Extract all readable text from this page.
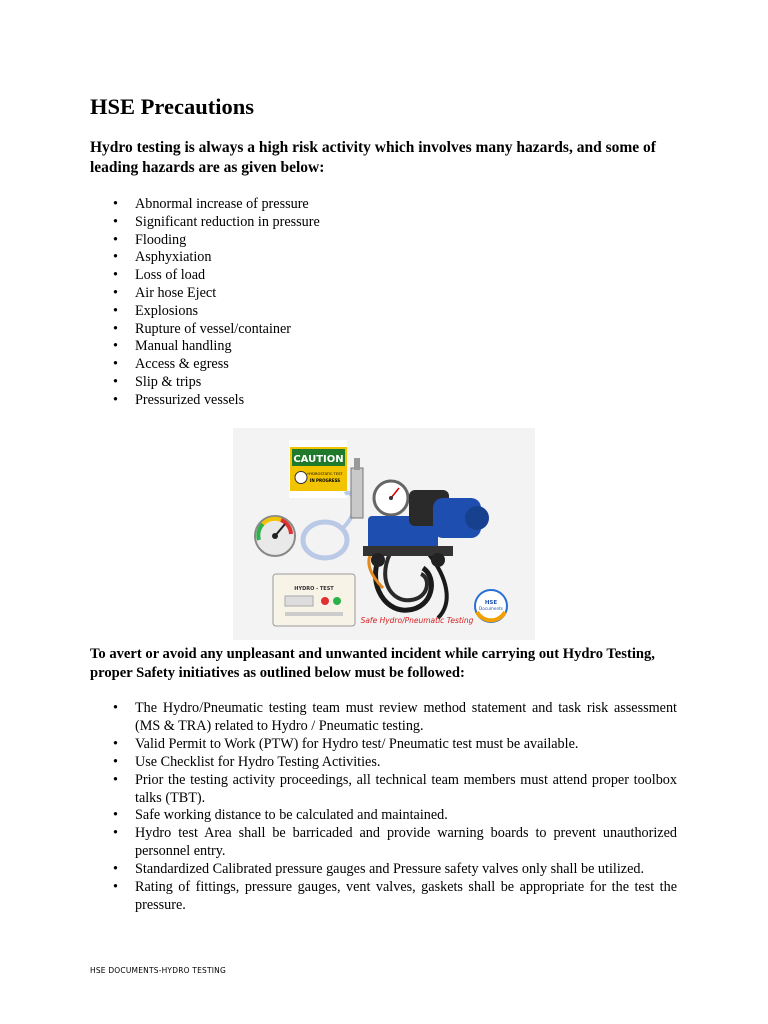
HSE Precautions

Hydro testing is always a high risk activity which involves many hazards, and some of leading hazards are as given below:

• Abnormal increase of pressure
• Significant reduction in pressure
• Flooding
• Asphyxiation
• Loss of load
• Air hose Eject
• Explosions
• Rupture of vessel/container
• Manual handling
• Access & egress
• Slip & trips
• Pressurized vessels
CAUTION
HYDROSTATIC TEST
IN PROGRESS
HYDRO - TEST
HSE
Documents
Safe Hydro/Pneumatic Testing

To avert or avoid any unpleasant and unwanted incident while carrying out Hydro Testing, proper Safety initiatives as outlined below must be followed:

• The Hydro/Pneumatic testing team must review method statement and task risk assessment (MS & TRA) related to Hydro / Pneumatic testing.
• Valid Permit to Work (PTW) for Hydro test/ Pneumatic test must be available.
• Use Checklist for Hydro Testing Activities.
• Prior the testing activity proceedings, all technical team members must attend proper toolbox talks (TBT).
• Safe working distance to be calculated and maintained.
• Hydro test Area shall be barricaded and provide warning boards to prevent unauthorized personnel entry.
• Standardized Calibrated pressure gauges and Pressure safety valves only shall be utilized.
• Rating of fittings, pressure gauges, vent valves, gaskets shall be appropriate for the test the pressure.

HSE DOCUMENTS-HYDRO TESTING
